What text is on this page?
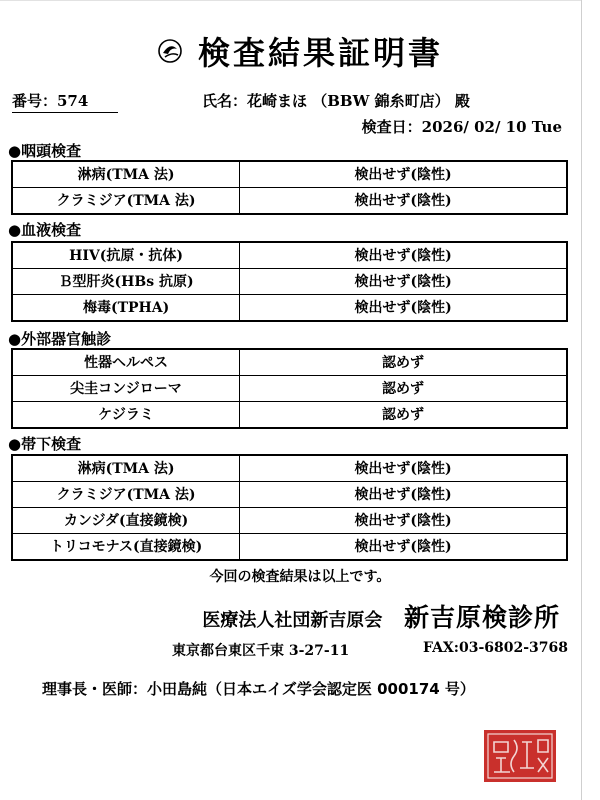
検査結果証明書
番号：574	氏名：花崎まほ （BBW 錦糸町店） 殿
検査日：2026/ 02/ 10 Tue
●咽頭検査
淋病(TMA 法)	検出せず(陰性)
クラミジア(TMA 法)	検出せず(陰性)
●血液検査
HIV(抗原・抗体)	検出せず(陰性)
Ｂ型肝炎(HBs 抗原)	検出せず(陰性)
梅毒(TPHA)	検出せず(陰性)
●外部器官触診
性器ヘルペス	認めず
尖圭コンジローマ	認めず
ケジラミ	認めず
●帯下検査
淋病(TMA 法)	検出せず(陰性)
クラミジア(TMA 法)	検出せず(陰性)
カンジダ(直接鏡検)	検出せず(陰性)
トリコモナス(直接鏡検)	検出せず(陰性)
今回の検査結果は以上です。
医療法人社団新吉原会 新吉原検診所
東京都台東区千束 3-27-11	FAX:03-6802-3768
理事長・医師：小田島純（日本エイズ学会認定医 000174 号）
